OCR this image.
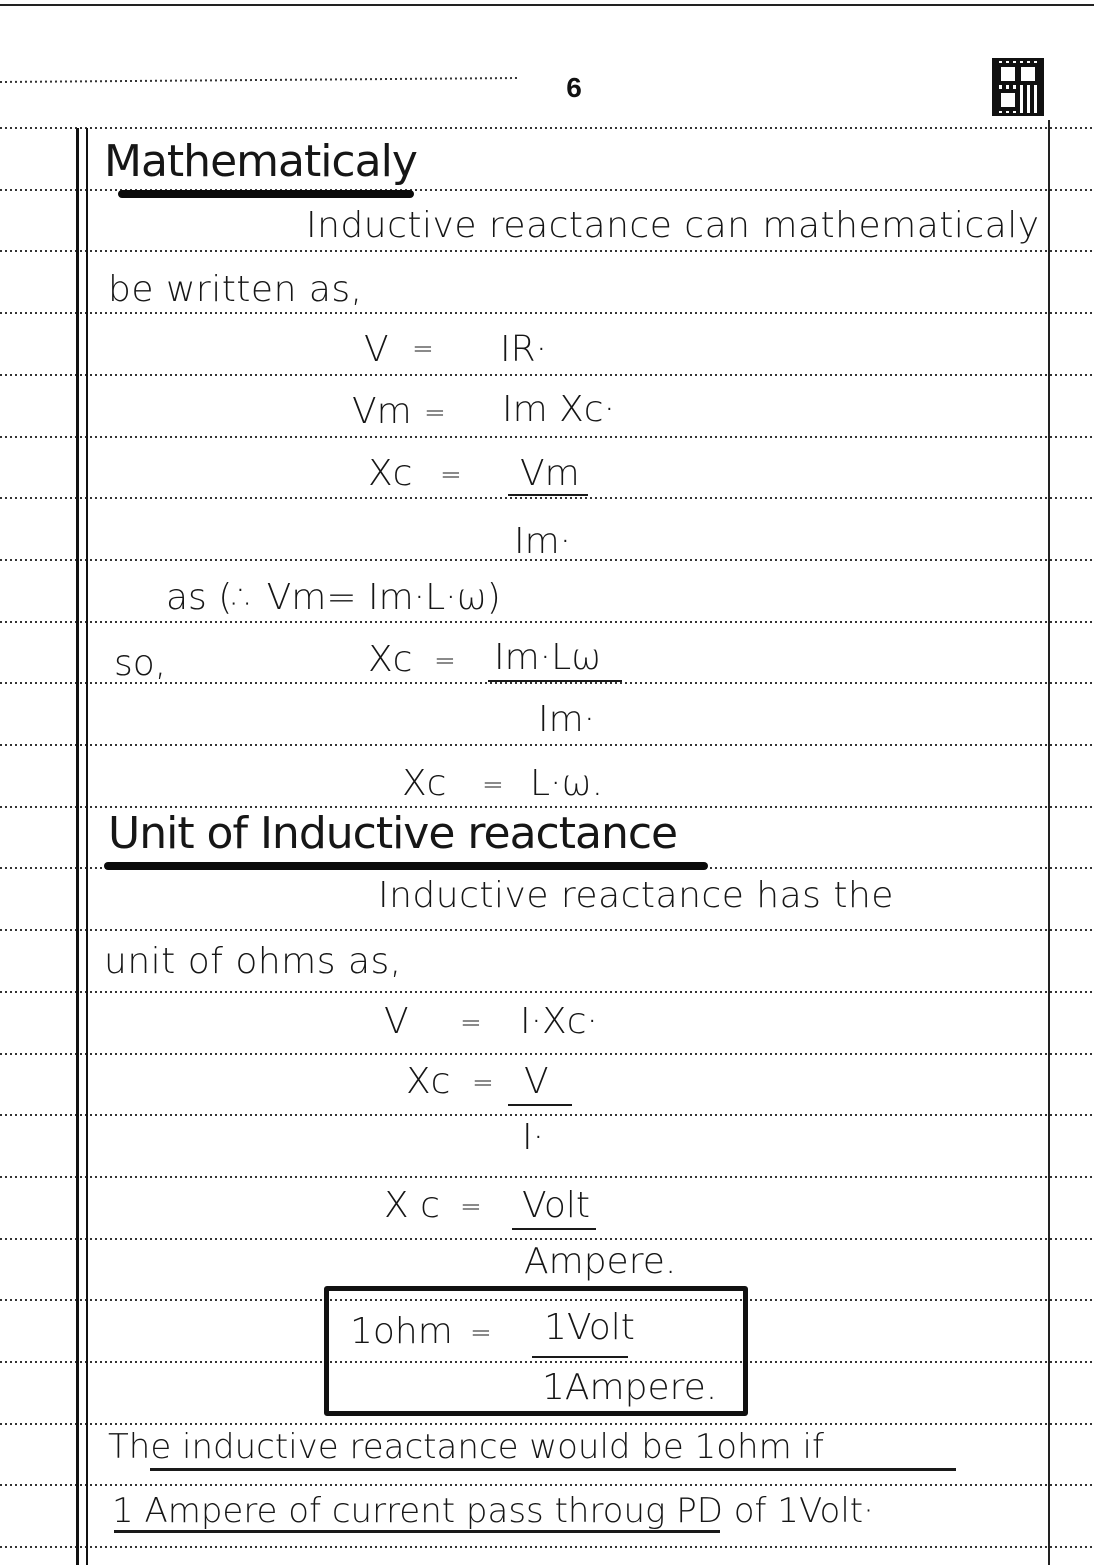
6
Mathematicaly
Inductive reactance can mathematicaly
be written as,
V = IR·
Vm = Im Xc·
Xc = Vm
Im·
as (∴ Vm= Im·L·ω)
so,	Xc = Im·Lω
Im·
Xc = L·ω.
Unit of Inductive reactance
Inductive reactance has the
unit of ohms as,
V = I·Xc·
Xc = V
I·
X c = Volt
Ampere.
1ohm = 1Volt
1Ampere.
The inductive reactance would be 1ohm if
1 Ampere of current pass throug PD of 1Volt·
